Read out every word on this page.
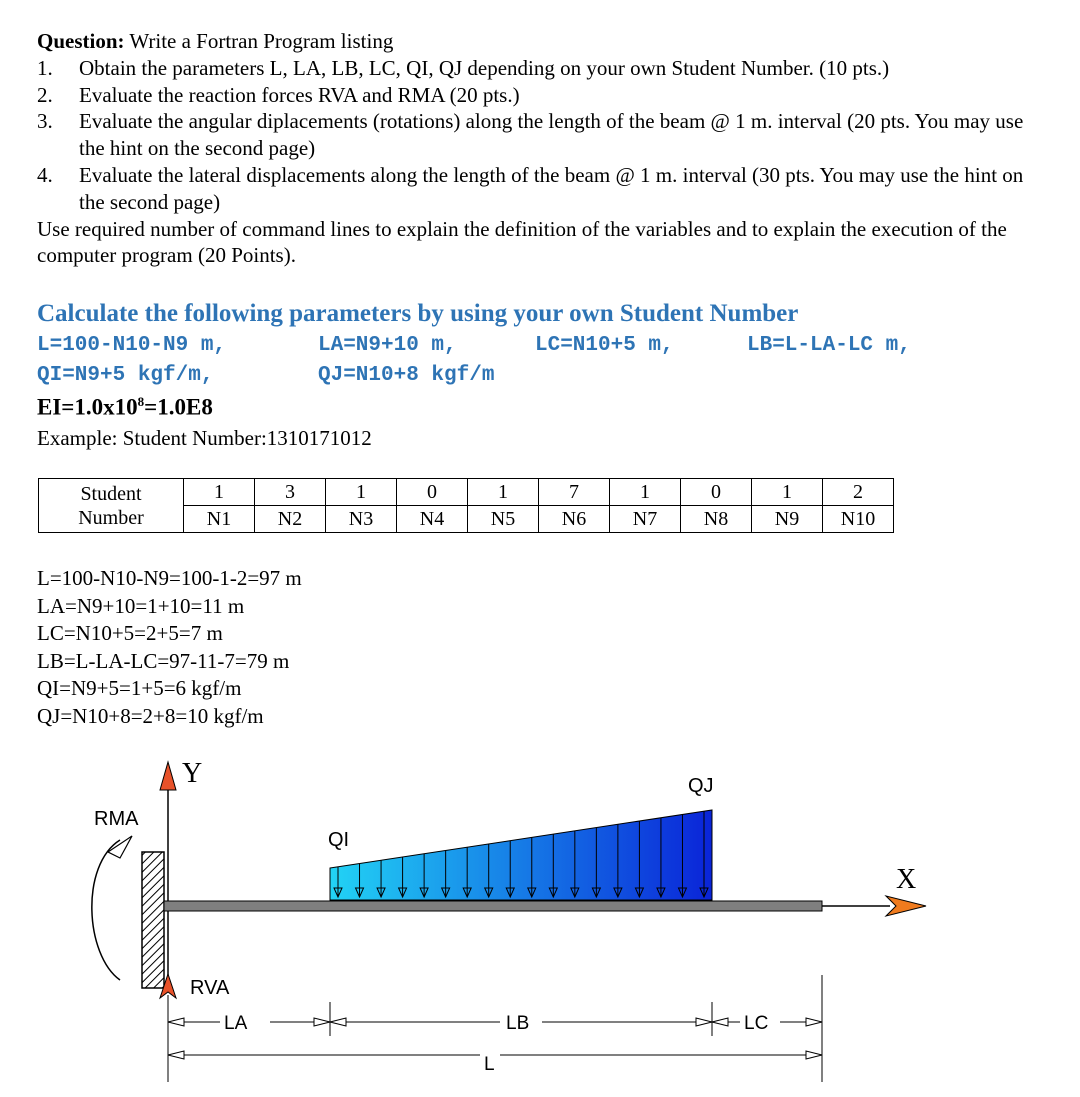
Question: Write a Fortran Program listing
1.	Obtain the parameters L, LA, LB, LC, QI, QJ depending on your own Student Number. (10 pts.)
2.	Evaluate the reaction forces RVA and RMA (20 pts.)
3.	Evaluate the angular diplacements (rotations) along the length of the beam @ 1 m. interval (20 pts. You may use the hint on the second page)
4.	Evaluate the lateral displacements along the length of the beam @ 1 m. interval (30 pts. You may use the hint on the second page)
Use required number of command lines to explain the definition of the variables and to explain the execution of the computer program (20 Points).
Calculate the following parameters by using your own Student Number
L=100-N10-N9 m,	LA=N9+10 m,	LC=N10+5 m,	LB=L-LA-LC m,
QI=N9+5 kgf/m,	QJ=N10+8 kgf/m
$EI=1.0x10^8=1.0E8$
Example: Student Number:1310171012
Student
Number	1	3	1	0	1	7	1	0	1	2
	N1	N2	N3	N4	N5	N6	N7	N8	N9	N10
L=100-N10-N9=100-1-2=97 m
LA=N9+10=1+10=11 m
LC=N10+5=2+5=7 m
LB=L-LA-LC=97-11-7=79 m
QI=N9+5=1+5=6 kgf/m
QJ=N10+8=2+8=10 kgf/m
Y
RMA
QI
QJ
X
RVA
LA	LB	LC
L
